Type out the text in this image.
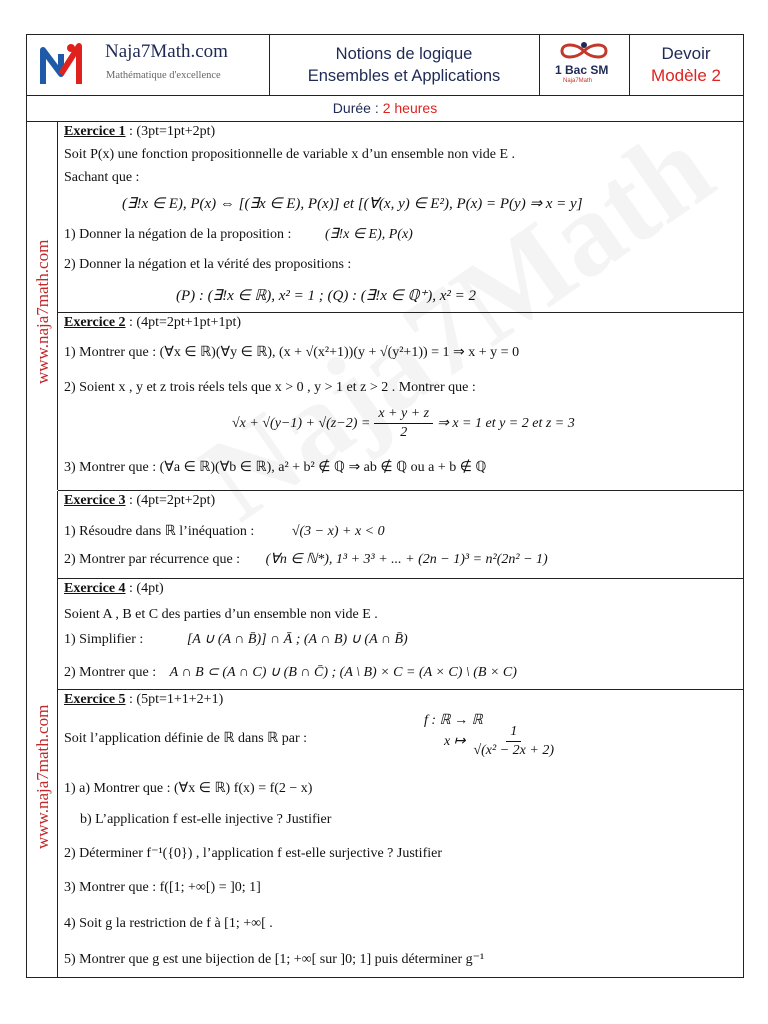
Naja7Math.com
Mathématique d'excellence
Notions de logique
Ensembles et Applications	1 Bac SM
Naja7Math
Devoir
Modèle 2
Durée : 2 heures
www.naja7math.com
www.naja7math.com
Exercice 1 : (3pt=1pt+2pt)
Soit P(x) une fonction propositionnelle de variable x d’un ensemble non vide E .
Sachant que :
(∃!x ∈ E), P(x) ⇔ [(∃x ∈ E), P(x)] et [(∀(x, y) ∈ E²), P(x) = P(y) ⇒ x = y]
1) Donner la négation de la proposition : (∃!x ∈ E), P(x)
2) Donner la négation et la vérité des propositions :
(P) : (∃!x ∈ ℝ), x² = 1 ; (Q) : (∃!x ∈ ℚ⁺), x² = 2
Exercice 2 : (4pt=2pt+1pt+1pt)
1) Montrer que : (∀x ∈ ℝ)(∀y ∈ ℝ), (x + √(x²+1))(y + √(y²+1)) = 1 ⇒ x + y = 0
2) Soient x , y et z trois réels tels que x > 0 , y > 1 et z > 2 . Montrer que :
$√x + √(y-1) + √(z-2) = \frac{x + y + z}{2}$ ⇒ x = 1 et y = 2 et z = 3
3) Montrer que : (∀a ∈ ℝ)(∀b ∈ ℝ), a² + b² ∉ ℚ ⇒ ab ∉ ℚ ou a + b ∉ ℚ
Exercice 3 : (4pt=2pt+2pt)
1) Résoudre dans ℝ l’inéquation :	√(3 − x) + x < 0
2) Montrer par récurrence que : (∀n ∈ ℕ*), 1³ + 3³ + ... + (2n − 1)³ = n²(2n² − 1)
Exercice 4 : (4pt)
Soient A , B et C des parties d’un ensemble non vide E .
1) Simplifier :	[A ∪ (A ∩ B̄)] ∩ Ā ; (A ∩ B) ∪ (A ∩ B̄)
2) Montrer que : A ∩ B ⊂ (A ∩ C) ∪ (B ∩ C̄) ; (A \ B) × C = (A × C) \ (B × C)
Exercice 5 : (5pt=1+1+2+1)
f : ℝ → ℝ
Soit l’application définie de ℝ dans ℝ par :	x ↦ $\frac{1}{\text{√(x² − 2x + 2)}}$
1) a) Montrer que : (∀x ∈ ℝ) f(x) = f(2 − x)
b) L’application f est-elle injective ? Justifier
2) Déterminer f⁻¹({0}) , l’application f est-elle surjective ? Justifier
3) Montrer que : f([1; +∞[) = ]0; 1]
4) Soit g la restriction de f à [1; +∞[ .
5) Montrer que g est une bijection de [1; +∞[ sur ]0; 1] puis déterminer g⁻¹
